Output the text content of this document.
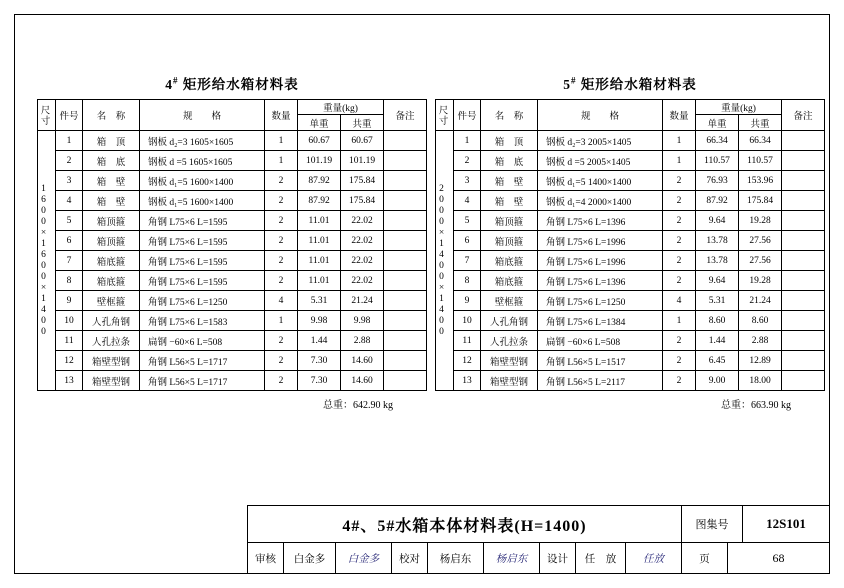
4# 矩形给水箱材料表
尺寸	件号	名　称	规　　格	数量	重量(kg)		备注
					单重	共重	

1600×1600×1400	1	箱　顶	钢板 d₂=3 1605×1605	1	60.67	60.67	
	2	箱　底	钢板 d =5 1605×1605	1	101.19	101.19	
	3	箱　壁	钢板 d₁=5 1600×1400	2	87.92	175.84	
	4	箱　壁	钢板 d₁=5 1600×1400	2	87.92	175.84	
	5	箱顶箍	角钢 L75×6 L=1595	2	11.01	22.02	
	6	箱顶箍	角钢 L75×6 L=1595	2	11.01	22.02	
	7	箱底箍	角钢 L75×6 L=1595	2	11.01	22.02	
	8	箱底箍	角钢 L75×6 L=1595	2	11.01	22.02	
	9	壁框箍	角钢 L75×6 L=1250	4	5.31	21.24	
	10	人孔角钢	角钢 L75×6 L=1583	1	9.98	9.98	
	11	人孔拉条	扁钢 −60×6 L=508	2	1.44	2.88	
	12	箱壁型钢	角钢 L56×5 L=1717	2	7.30	14.60	
	13	箱壁型钢	角钢 L56×5 L=1717	2	7.30	14.60	
总重：642.90 kg
5# 矩形给水箱材料表
尺寸	件号	名　称	规　　格	数量	重量(kg)		备注
					单重	共重	

2000×1400×1400	1	箱　顶	钢板 d₂=3 2005×1405	1	66.34	66.34	
	2	箱　底	钢板 d =5 2005×1405	1	110.57	110.57	
	3	箱　壁	钢板 d₁=5 1400×1400	2	76.93	153.96	
	4	箱　壁	钢板 d₁=4 2000×1400	2	87.92	175.84	
	5	箱顶箍	角钢 L75×6 L=1396	2	9.64	19.28	
	6	箱顶箍	角钢 L75×6 L=1996	2	13.78	27.56	
	7	箱底箍	角钢 L75×6 L=1996	2	13.78	27.56	
	8	箱底箍	角钢 L75×6 L=1396	2	9.64	19.28	
	9	壁框箍	角钢 L75×6 L=1250	4	5.31	21.24	
	10	人孔角钢	角钢 L75×6 L=1384	1	8.60	8.60	
	11	人孔拉条	扁钢 −60×6 L=508	2	1.44	2.88	
	12	箱壁型钢	角钢 L56×5 L=1517	2	6.45	12.89	
	13	箱壁型钢	角钢 L56×5 L=2117	2	9.00	18.00	
总重：663.90 kg
4#、5#水箱本体材料表(H=1400)	图集号	12S101
审核	白金多	白金多	校对	杨启东	杨启东	设计	任　放	任放	页	68
